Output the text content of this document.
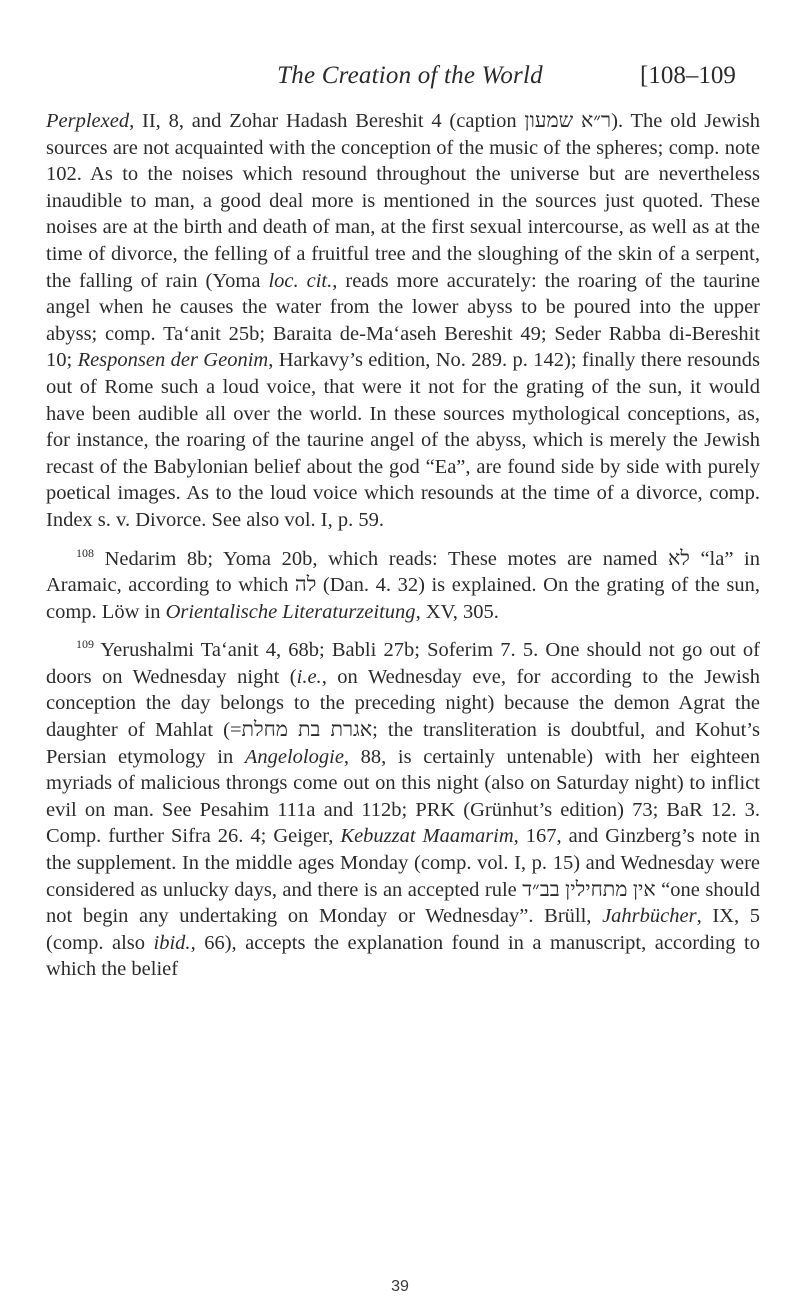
The Creation of the World	[108–109

Perplexed, II, 8, and Zohar Hadash Bereshit 4 (caption ר״א שמעון). The old Jewish sources are not acquainted with the conception of the music of the spheres; comp. note 102. As to the noises which resound throughout the universe but are nevertheless inaudible to man, a good deal more is mentioned in the sources just quoted. These noises are at the birth and death of man, at the first sexual intercourse, as well as at the time of divorce, the felling of a fruitful tree and the sloughing of the skin of a serpent, the falling of rain (Yoma loc. cit., reads more accurately: the roaring of the taurine angel when he causes the water from the lower abyss to be poured into the upper abyss; comp. Ta‘anit 25b; Baraita de-Ma‘aseh Bereshit 49; Seder Rabba di-Bereshit 10; Responsen der Geonim, Harkavy’s edition, No. 289. p. 142); finally there resounds out of Rome such a loud voice, that were it not for the grating of the sun, it would have been audible all over the world. In these sources mythological conceptions, as, for instance, the roaring of the taurine angel of the abyss, which is merely the Jewish recast of the Babylonian belief about the god “Ea”, are found side by side with purely poetical images. As to the loud voice which resounds at the time of a divorce, comp. Index s. v. Divorce. See also vol. I, p. 59.

$^{108}$ Nedarim 8b; Yoma 20b, which reads: These motes are named לא “la” in Aramaic, according to which לה (Dan. 4. 32) is explained. On the grating of the sun, comp. Löw in Orientalische Literaturzeitung, XV, 305.

$^{109}$ Yerushalmi Ta‘anit 4, 68b; Babli 27b; Soferim 7. 5. One should not go out of doors on Wednesday night (i.e., on Wednesday eve, for according to the Jewish conception the day belongs to the preceding night) because the demon Agrat the daughter of Mahlat (=אגרת בת מחלת; the transliteration is doubtful, and Kohut’s Persian etymology in Angelologie, 88, is certainly untenable) with her eighteen myriads of malicious throngs come out on this night (also on Saturday night) to inflict evil on man. See Pesahim 111a and 112b; PRK (Grünhut’s edition) 73; BaR 12. 3. Comp. further Sifra 26. 4; Geiger, Kebuzzat Maamarim, 167, and Ginzberg’s note in the supplement. In the middle ages Monday (comp. vol. I, p. 15) and Wednesday were considered as unlucky days, and there is an accepted rule אין מתחילין בב״ד “one should not begin any undertaking on Monday or Wednesday”. Brüll, Jahrbücher, IX, 5 (comp. also ibid., 66), accepts the explanation found in a manuscript, according to which the belief

39
